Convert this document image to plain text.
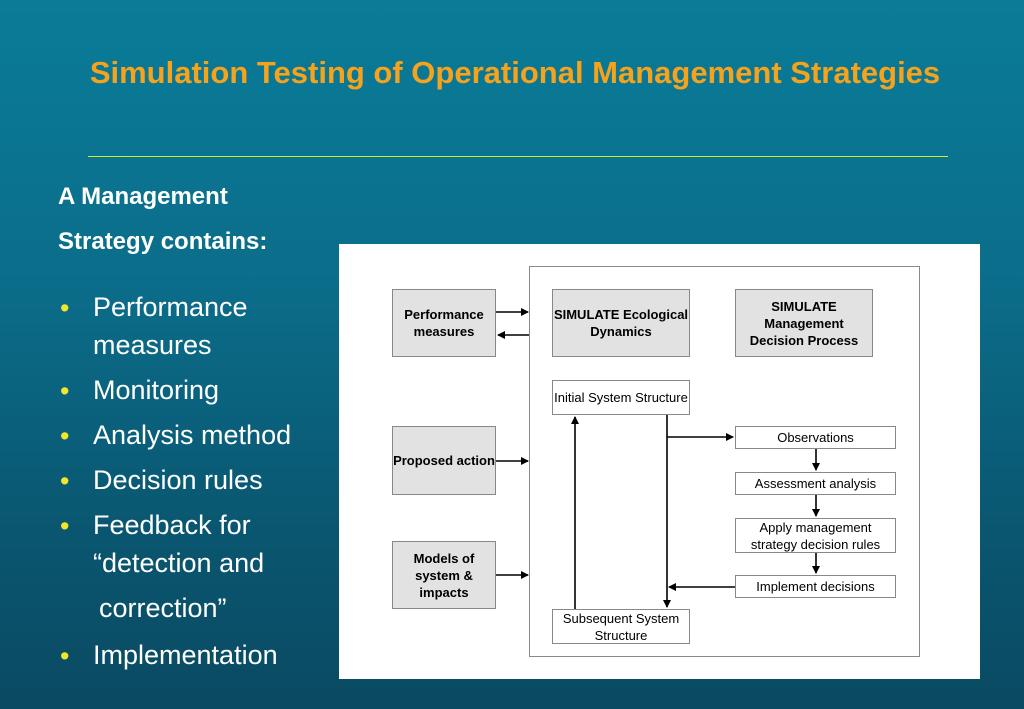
Simulation Testing of Operational Management Strategies
A Management
Strategy contains:
• Performance measures
• Monitoring
• Analysis method
• Decision rules
• Feedback for “detection and
correction”
• Implementation
Performance measures
Proposed action
Models of system & impacts
SIMULATE Ecological Dynamics
SIMULATE Management Decision Process
Initial System Structure
Subsequent System Structure
Observations
Assessment analysis
Apply management strategy decision rules
Implement decisions
